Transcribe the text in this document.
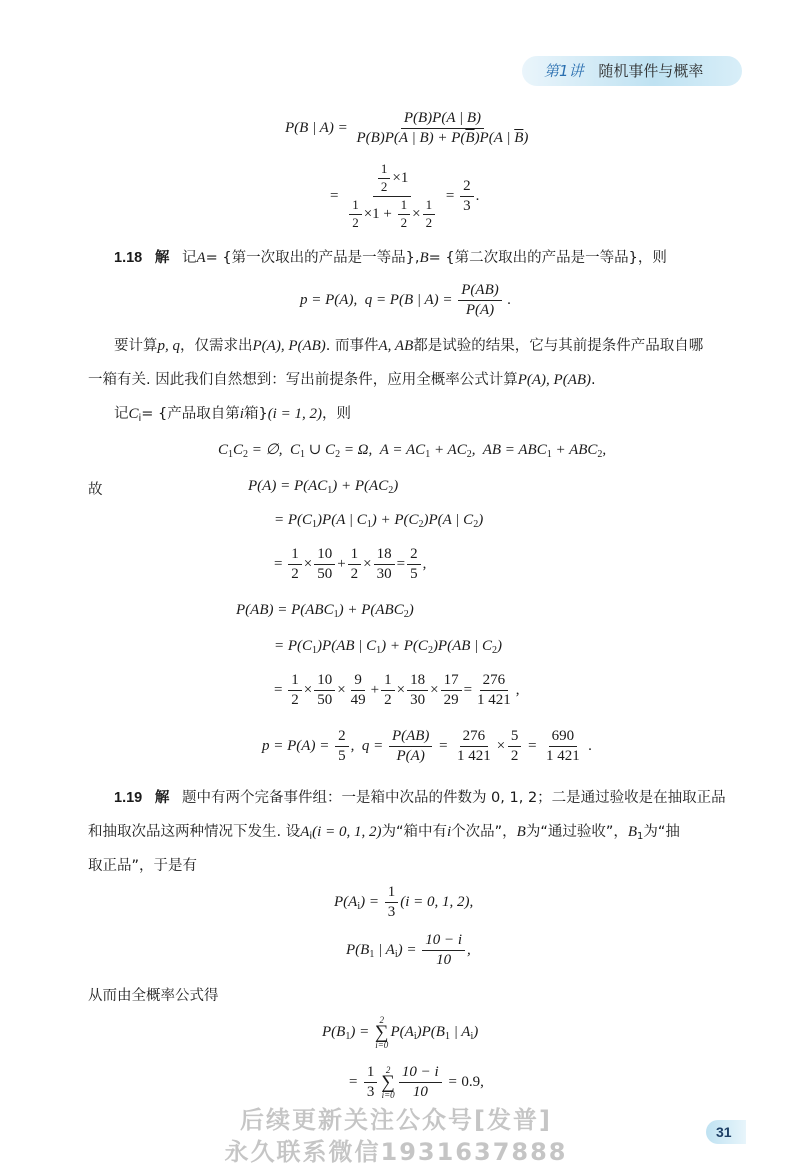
第1讲 随机事件与概率
P(B | $A) = \frac{P(B)P(A | B)}{P(B)P(A | B) + P(\overline{B})P(A | \overline{B})}$
= $\frac{\frac{1}{2} \times 1}{\frac{1}{2} \times 1 + \frac{1}{2} \times \frac{1}{2}} = \frac{2}{3}$ .
1.18 解 记A= {第一次取出的产品是一等品},B= {第二次取出的产品是一等品}，则
p = P(A),  q = P(B | $A) = \frac{P(AB)}{P(A)}$ .
要计算p, q，仅需求出P(A), P(AB). 而事件A, AB都是试验的结果，它与其前提条件产品取自哪
一箱有关. 因此我们自然想到：写出前提条件，应用全概率公式计算P(A), P(AB).
记$C_i=$ {产品取自第i箱}(i = 1, 2)，则
$C_1C_2$ = ∅,  $C_1$ ∪ $C_2 = \Omega$,  $A = AC_1 + AC_2$,  AB = $ABC_1 + ABC_2$,
故	$P(A) = P(AC_1) + P(AC_2)$
= $P(C_1)P(A$ | $C_1) + P(C_2)P(A$ | $C_2$)
= $\frac{1}{2} \times \frac{10}{50} + \frac{1}{2} \times \frac{18}{30} = \frac{2}{5}$ ,
$P(AB) = P(ABC_1) + P(ABC_2)$
= $P(C_1)P(AB$ | $C_1) + P(C_2)P(AB$ | $C_2$)
= $\frac{1}{2} \times \frac{10}{50} \times \frac{9}{49} + \frac{1}{2} \times \frac{18}{30} \times \frac{17}{29} = \frac{276}{1 421}$ ,
$p = P(A) = \frac{2}{5}$ ,  $q = \frac{P(AB)}{P(A)} = \frac{276}{1 421} \times \frac{5}{2} = \frac{690}{1 421}$ .
1.19 解 题中有两个完备事件组：一是箱中次品的件数为 0, 1, 2；二是通过验收是在抽取正品
和抽取次品这两种情况下发生. 设$A_i(i = 0$, 1, 2)为“箱中有i个次品”，B为“通过验收”，$B_1$为“抽
取正品”，于是有
$P(A_i) = \frac{1}{3} (i = 0$, 1, 2),
$P(B_1$ | $A_i) = \frac{10 - i}{10}$ ,
从而由全概率公式得
$P(B_1)$ =
2
∑
i=0
$P(A_i)P(B_1$ | $A_i$)
= $\frac{1}{3} 2$
∑
$i=0 \frac{10 - i}{10} = 0.9$,
后续更新关注公众号[发普]
永久联系微信1931637888
31
